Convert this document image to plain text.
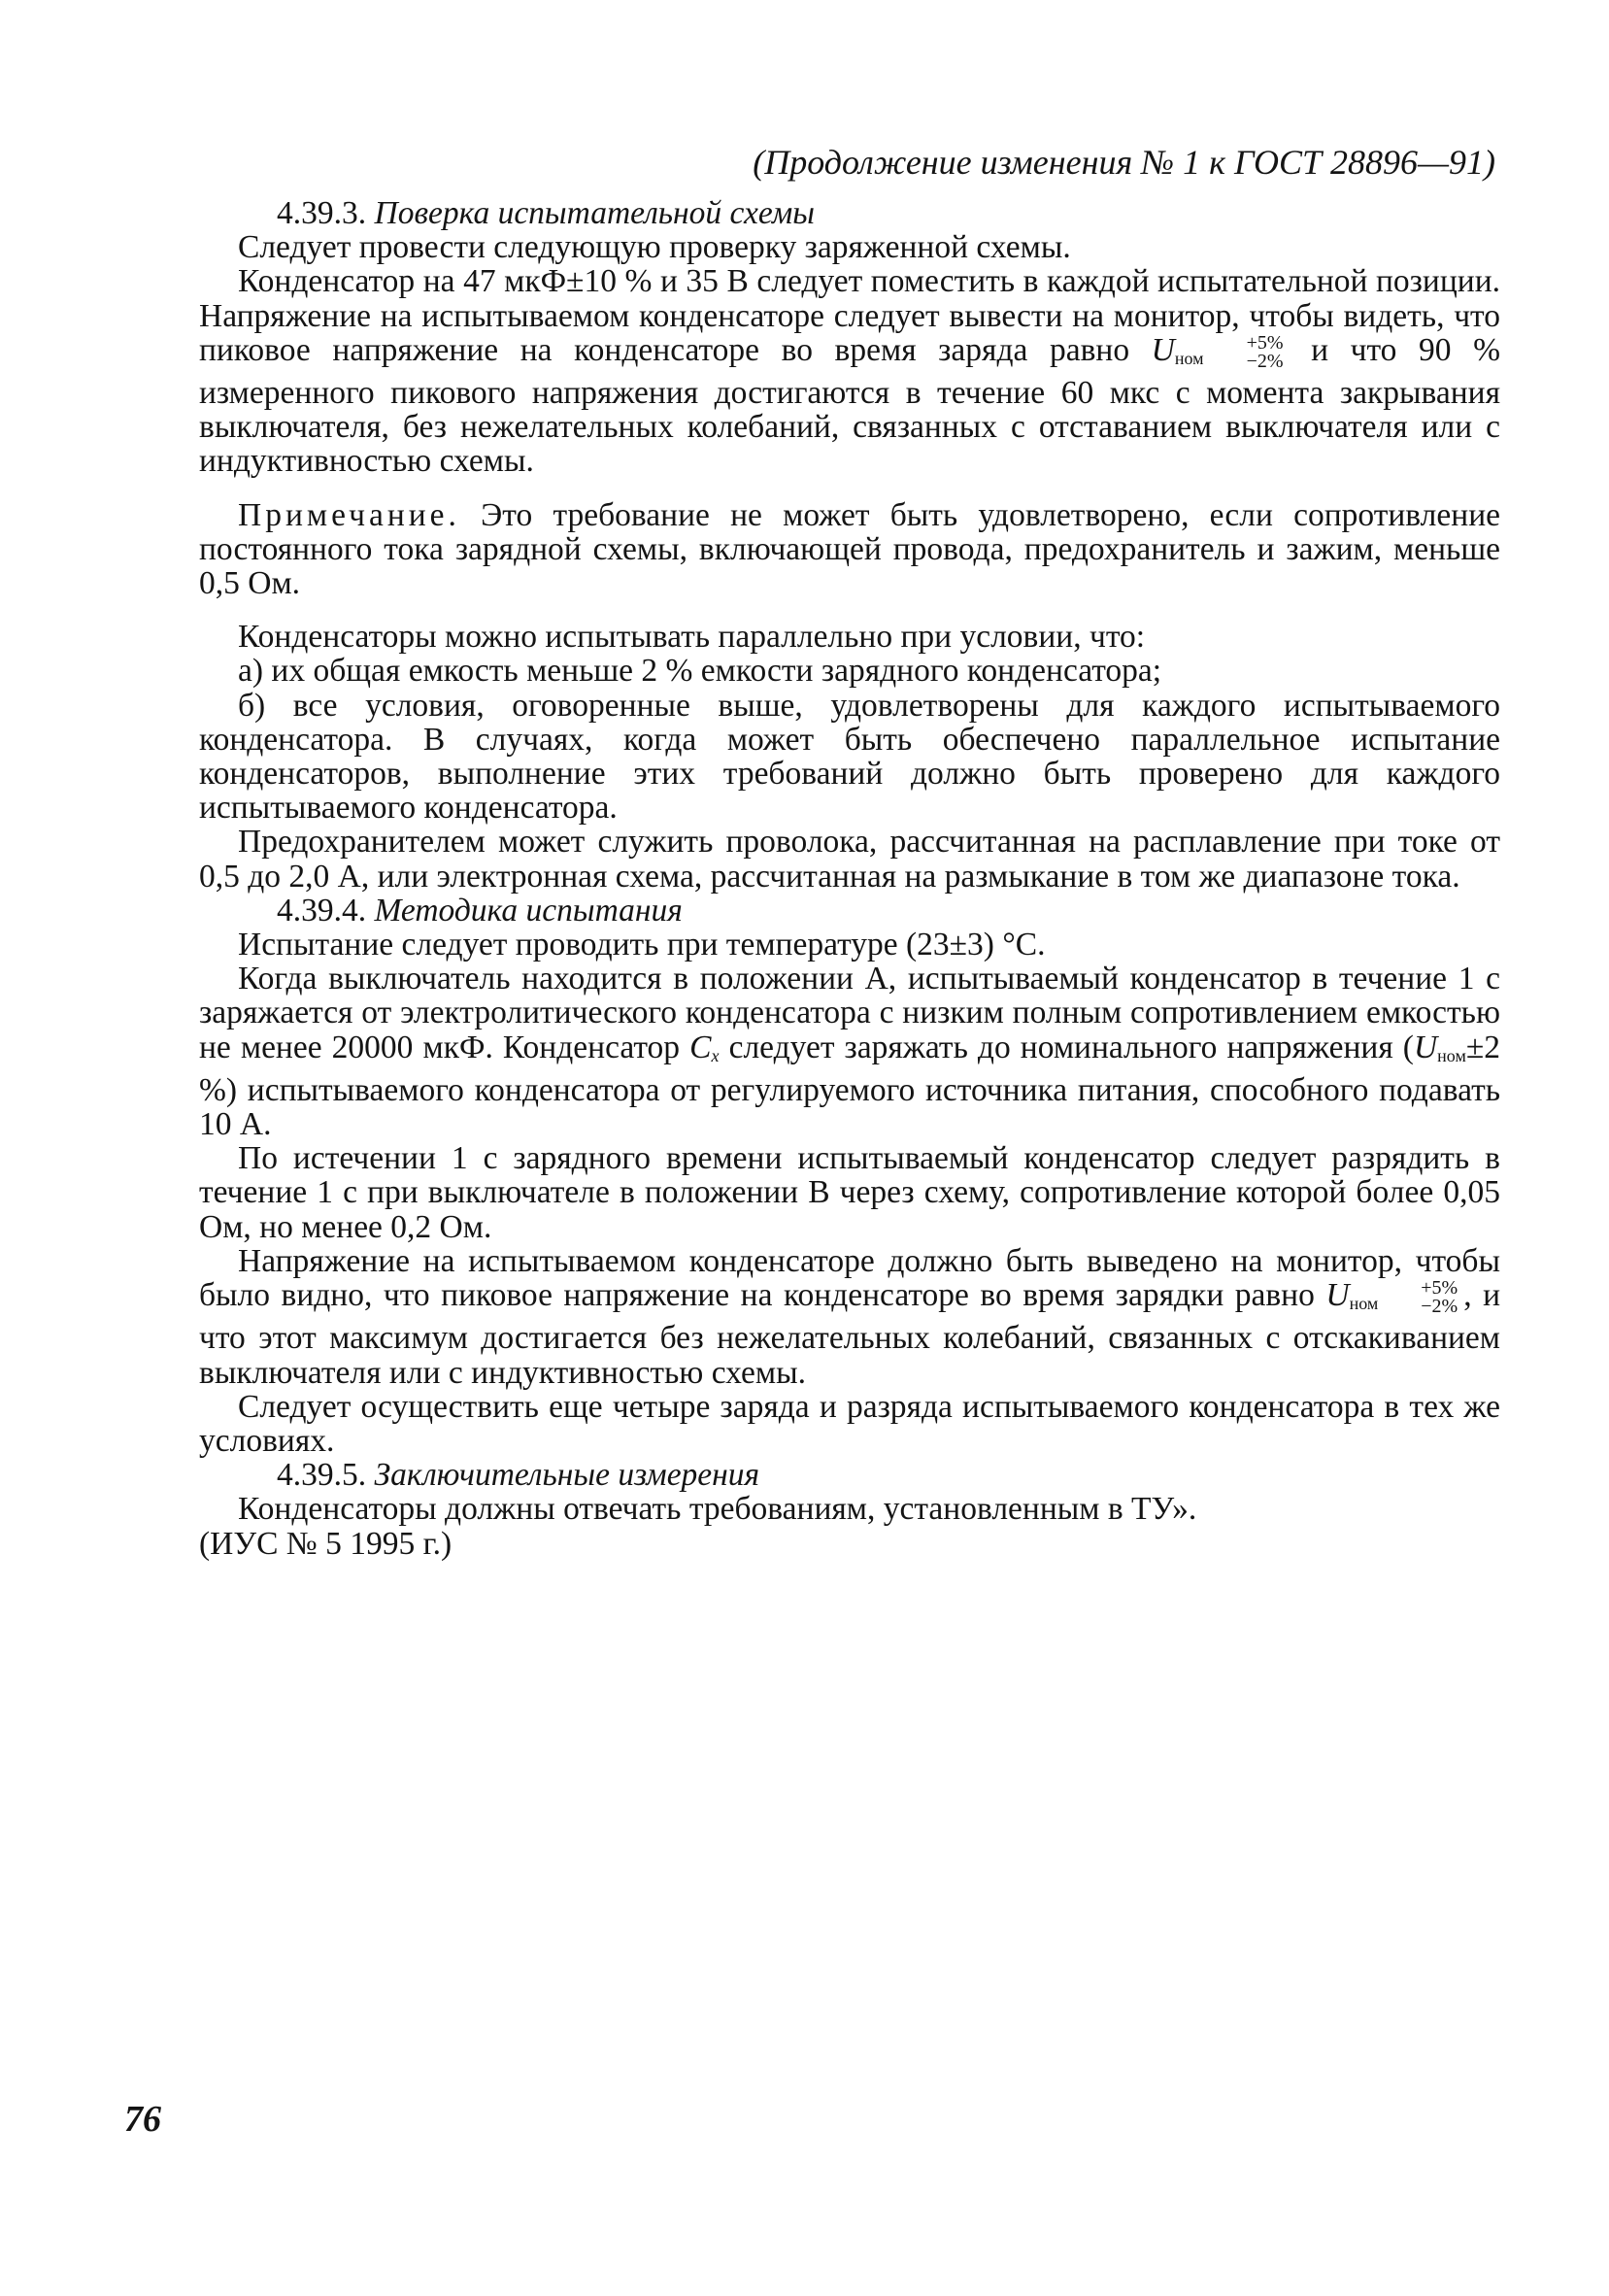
(Продолжение изменения № 1 к ГОСТ 28896—91)

4.39.3. Поверка испытательной схемы

Следует провести следующую проверку заряженной схемы.

Конденсатор на 47 мкФ±10 % и 35 В следует поместить в каждой испытательной позиции. Напряжение на испытываемом конденсаторе следует вывести на монитор, чтобы видеть, что пиковое напряжение на конденсаторе во время заряда равно Uном
+5%
−2% и что 90 % измеренного пикового напряжения достигаются в течение 60 мкс с момента закрывания выключателя, без нежелательных колебаний, связанных с отставанием выключателя или с индуктивностью схемы.

Примечание. Это требование не может быть удовлетворено, если сопротивление постоянного тока зарядной схемы, включающей провода, предохранитель и зажим, меньше 0,5 Ом.

Конденсаторы можно испытывать параллельно при условии, что:

а) их общая емкость меньше 2 % емкости зарядного конденсатора;

б) все условия, оговоренные выше, удовлетворены для каждого испытываемого конденсатора. В случаях, когда может быть обеспечено параллельное испытание конденсаторов, выполнение этих требований должно быть проверено для каждого испытываемого конденсатора.

Предохранителем может служить проволока, рассчитанная на расплавление при токе от 0,5 до 2,0 А, или электронная схема, рассчитанная на размыкание в том же диапазоне тока.

4.39.4. Методика испытания

Испытание следует проводить при температуре (23±3) °С.

Когда выключатель находится в положении А, испытываемый конденсатор в течение 1 с заряжается от электролитического конденсатора с низким полным сопротивлением емкостью не менее 20000 мкФ. Конденсатор Cx следует заряжать до номинального напряжения (Uном±2 %) испытываемого конденсатора от регулируемого источника питания, способного подавать 10 А.

По истечении 1 с зарядного времени испытываемый конденсатор следует разрядить в течение 1 с при выключателе в положении В через схему, сопротивление которой более 0,05 Ом, но менее 0,2 Ом.

Напряжение на испытываемом конденсаторе должно быть выведено на монитор, чтобы было видно, что пиковое напряжение на конденсаторе во время зарядки равно Uном
+5%
−2% , и что этот максимум достигается без нежелательных колебаний, связанных с отскакиванием выключателя или с индуктивностью схемы.

Следует осуществить еще четыре заряда и разряда испытываемого конденсатора в тех же условиях.

4.39.5. Заключительные измерения

Конденсаторы должны отвечать требованиям, установленным в ТУ».

(ИУС № 5 1995 г.)

76
